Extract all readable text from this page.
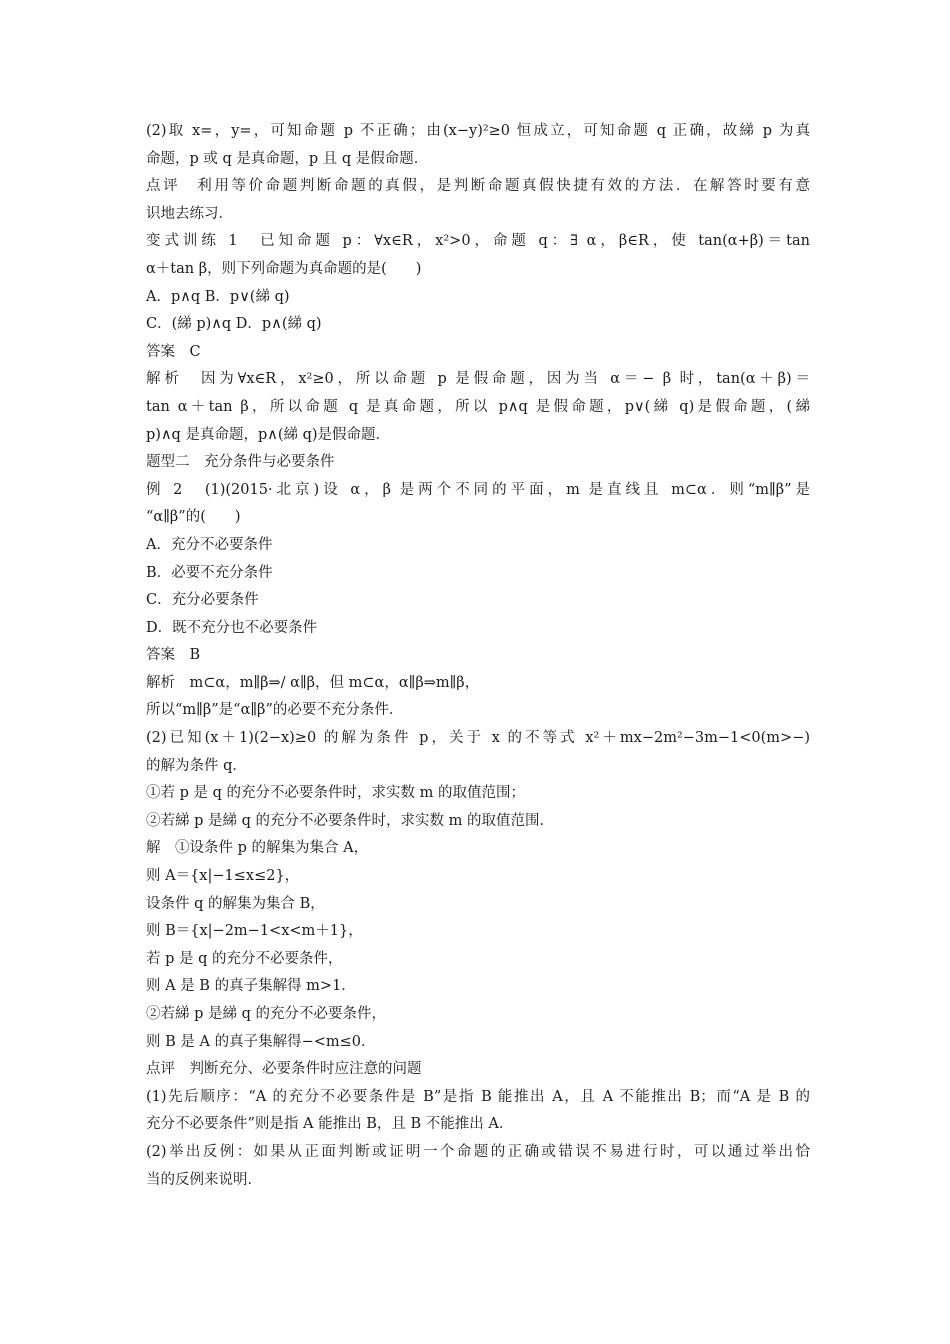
(2)取 x=，y=，可知命题 p 不正确；由(x−y)²≥0 恒成立，可知命题 q 正确，故綈 p 为真
命题，p 或 q 是真命题，p 且 q 是假命题．
点评　利用等价命题判断命题的真假，是判断命题真假快捷有效的方法．在解答时要有意
识地去练习．
变式训练 1　已知命题 p：∀x∈R，x²>0，命题 q：∃ α，β∈R，使 tan(α+β)＝tan
α＋tan β，则下列命题为真命题的是(　　)
A．p∧q B．p∨(綈 q)
C．(綈 p)∧q D．p∧(綈 q)
答案　C
解析　因为∀x∈R，x²≥0，所以命题 p 是假命题，因为当 α＝− β 时，tan(α＋β)＝
tan α＋tan β，所以命题 q 是真命题，所以 p∧q 是假命题，p∨(綈 q)是假命题，(綈
p)∧q 是真命题，p∧(綈 q)是假命题．
题型二　充分条件与必要条件
例 2　(1)(2015·北京)设 α，β 是两个不同的平面，m 是直线且 m⊂α．则“m∥β”是
“α∥β”的(　　)
A．充分不必要条件
B．必要不充分条件
C．充分必要条件
D．既不充分也不必要条件
答案　B
解析　m⊂α，m∥β⇒/ α∥β，但 m⊂α，α∥β⇒m∥β，
所以“m∥β”是“α∥β”的必要不充分条件．
(2)已知(x＋1)(2−x)≥0 的解为条件 p，关于 x 的不等式 x²＋mx−2m²−3m−1<0(m>−)
的解为条件 q．
①若 p 是 q 的充分不必要条件时，求实数 m 的取值范围；
②若綈 p 是綈 q 的充分不必要条件时，求实数 m 的取值范围．
解　①设条件 p 的解集为集合 A，
则 A＝{x|−1≤x≤2}，
设条件 q 的解集为集合 B，
则 B＝{x|−2m−1<x<m＋1}，
若 p 是 q 的充分不必要条件，
则 A 是 B 的真子集解得 m>1．
②若綈 p 是綈 q 的充分不必要条件，
则 B 是 A 的真子集解得−<m≤0．
点评　判断充分、必要条件时应注意的问题
(1)先后顺序：“A 的充分不必要条件是 B”是指 B 能推出 A，且 A 不能推出 B；而“A 是 B 的
充分不必要条件”则是指 A 能推出 B，且 B 不能推出 A．
(2)举出反例：如果从正面判断或证明一个命题的正确或错误不易进行时，可以通过举出恰
当的反例来说明．
